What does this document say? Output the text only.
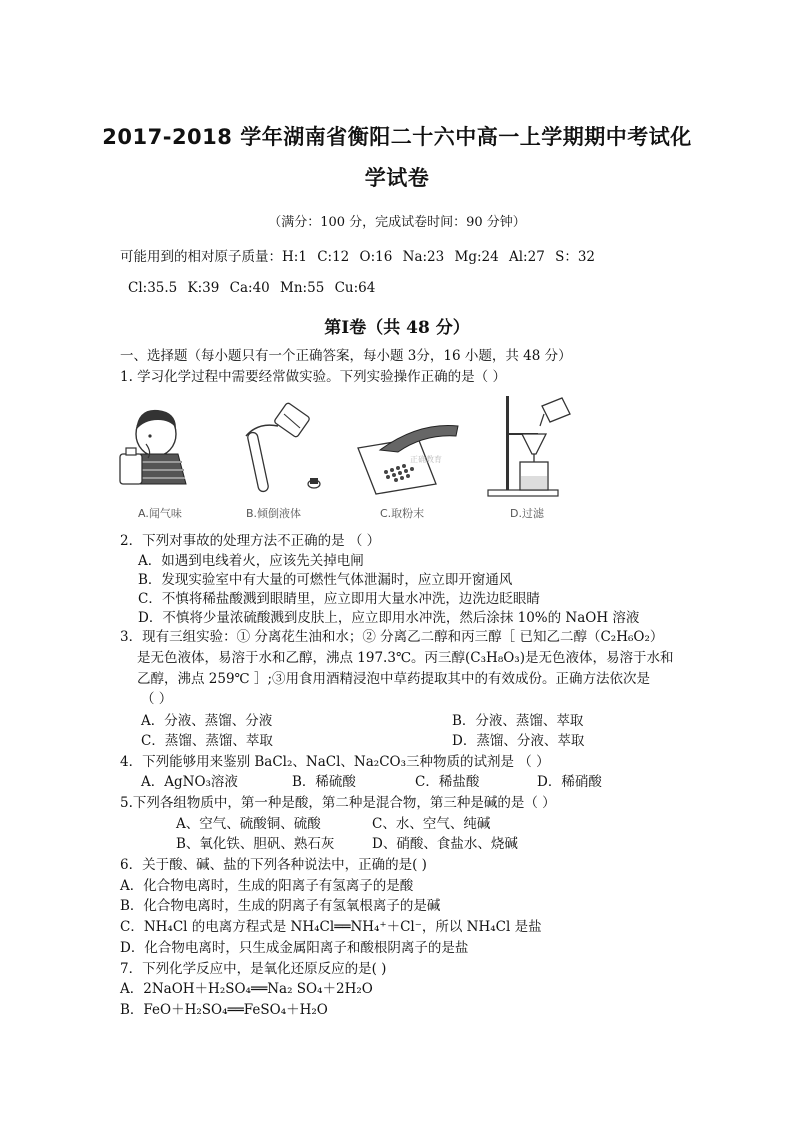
2017-2018 学年湖南省衡阳二十六中高一上学期期中考试化
学试卷
（满分：100 分，完成试卷时间：90 分钟）
可能用到的相对原子质量：H:1 C:12 O:16 Na:23 Mg:24 Al:27 S：32
Cl:35.5 K:39 Ca:40 Mn:55 Cu:64
第Ⅰ卷（共 48 分）
一、选择题（每小题只有一个正确答案，每小题 3分，16 小题，共 48 分）
1. 学习化学过程中需要经常做实验。下列实验操作正确的是（ ）
正确教育
A.闻气味	B.倾倒液体	C.取粉末	D.过滤
2．下列对事故的处理方法不正确的是 （ ）
A．如遇到电线着火，应该先关掉电闸
B．发现实验室中有大量的可燃性气体泄漏时，应立即开窗通风
C．不慎将稀盐酸溅到眼睛里，应立即用大量水冲洗，边洗边眨眼睛
D．不慎将少量浓硫酸溅到皮肤上，应立即用水冲洗，然后涂抹 10%的 NaOH 溶液
3．现有三组实验：① 分离花生油和水；② 分离乙二醇和丙三醇［ 已知乙二醇（C₂H₆O₂）
是无色液体，易溶于水和乙醇，沸点 197.3℃。丙三醇(C₃H₈O₃)是无色液体，易溶于水和
乙醇，沸点 259℃ ］;③用食用酒精浸泡中草药提取其中的有效成份。正确方法依次是
（ ）
A．分液、蒸馏、分液	B．分液、蒸馏、萃取
C．蒸馏、蒸馏、萃取	D．蒸馏、分液、萃取
4．下列能够用来鉴别 BaCl₂、NaCl、Na₂CO₃三种物质的试剂是 （ ）
A．AgNO₃溶液	B．稀硫酸	C．稀盐酸	D．稀硝酸
5.下列各组物质中，第一种是酸，第二种是混合物，第三种是碱的是（ ）
A、空气、硫酸铜、硫酸	C、水、空气、纯碱
B、氧化铁、胆矾、熟石灰	D、硝酸、食盐水、烧碱
6．关于酸、碱、盐的下列各种说法中，正确的是( )
A．化合物电离时，生成的阳离子有氢离子的是酸
B．化合物电离时，生成的阴离子有氢氧根离子的是碱
C．NH₄Cl 的电离方程式是 NH₄Cl══NH₄⁺＋Cl⁻，所以 NH₄Cl 是盐
D．化合物电离时，只生成金属阳离子和酸根阴离子的是盐
7．下列化学反应中，是氧化还原反应的是( )
A．2NaOH＋H₂SO₄══Na₂ SO₄＋2H₂O
B．FeO＋H₂SO₄══FeSO₄＋H₂O
